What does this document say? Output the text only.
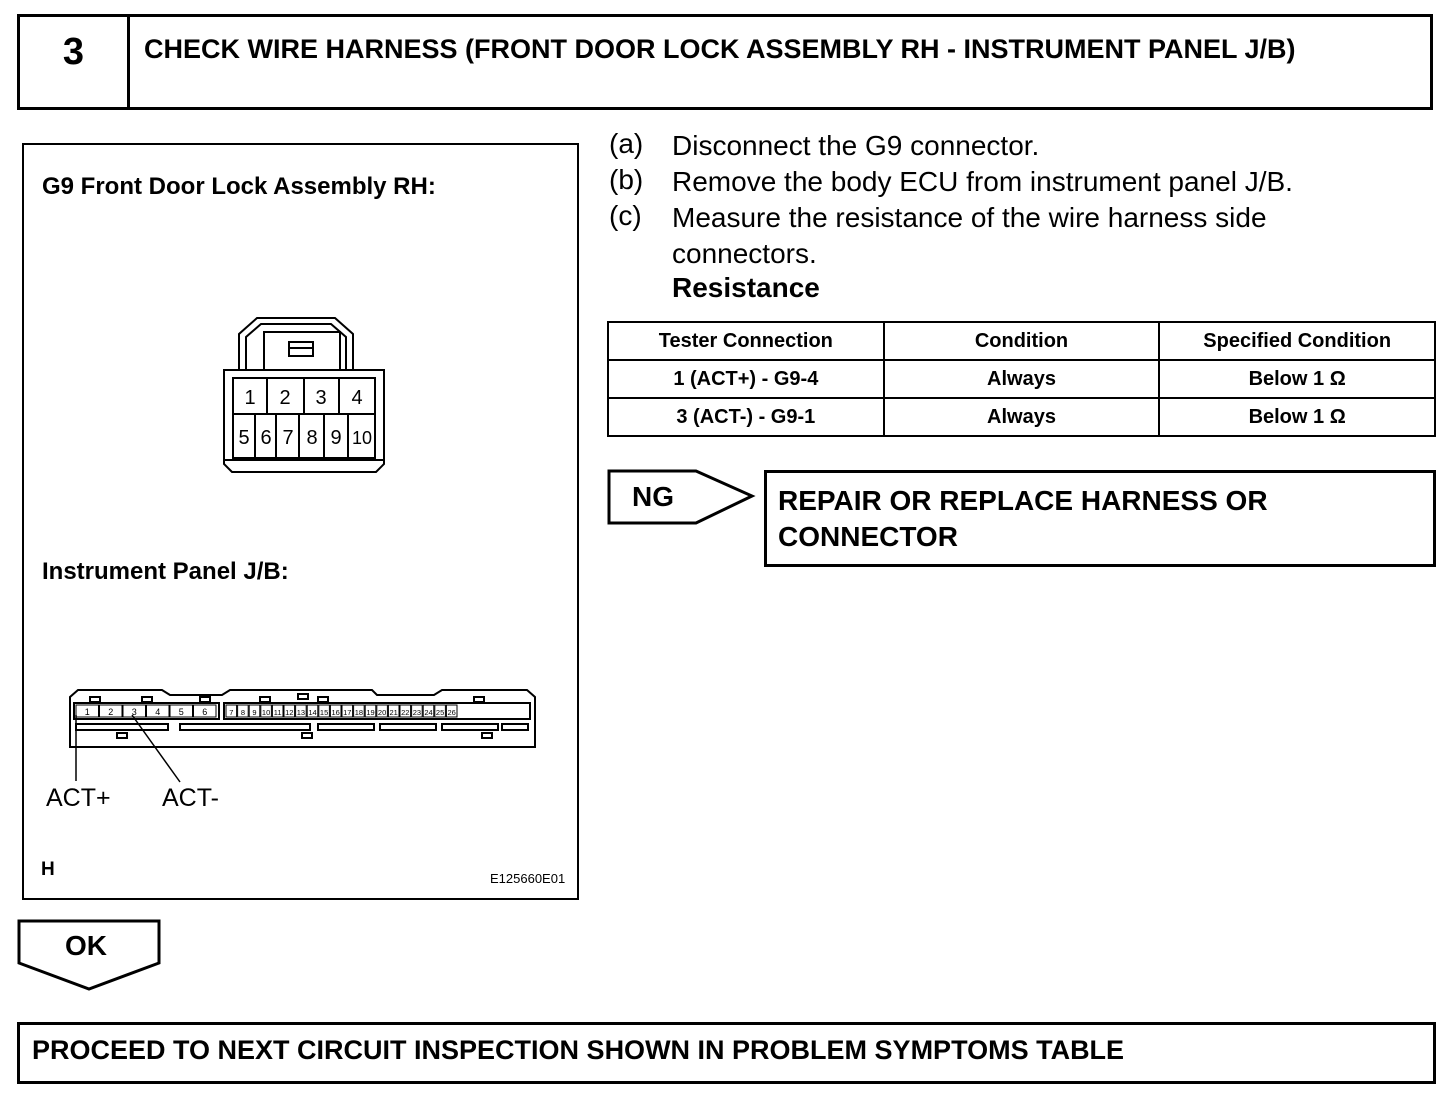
3	CHECK WIRE HARNESS (FRONT DOOR LOCK ASSEMBLY RH - INSTRUMENT PANEL J/B)
G9 Front Door Lock Assembly RH:
1 2 3 4
5 6 7 8 9 10
Instrument Panel J/B:
1 2 3 4 5 6	7 8 9 10 11 12 13 14 15 16 17 18 19 20 21 22 23 24 25 26
ACT+ ACT-
H	E125660E01
(a) Disconnect the G9 connector.
(b) Remove the body ECU from instrument panel J/B.
(c) Measure the resistance of the wire harness side connectors.
Resistance
Tester Connection	Condition	Specified Condition
1 (ACT+) - G9-4	Always	Below 1 Ω
3 (ACT-) - G9-1	Always	Below 1 Ω
NG	REPAIR OR REPLACE HARNESS OR
CONNECTOR
OK
PROCEED TO NEXT CIRCUIT INSPECTION SHOWN IN PROBLEM SYMPTOMS TABLE
